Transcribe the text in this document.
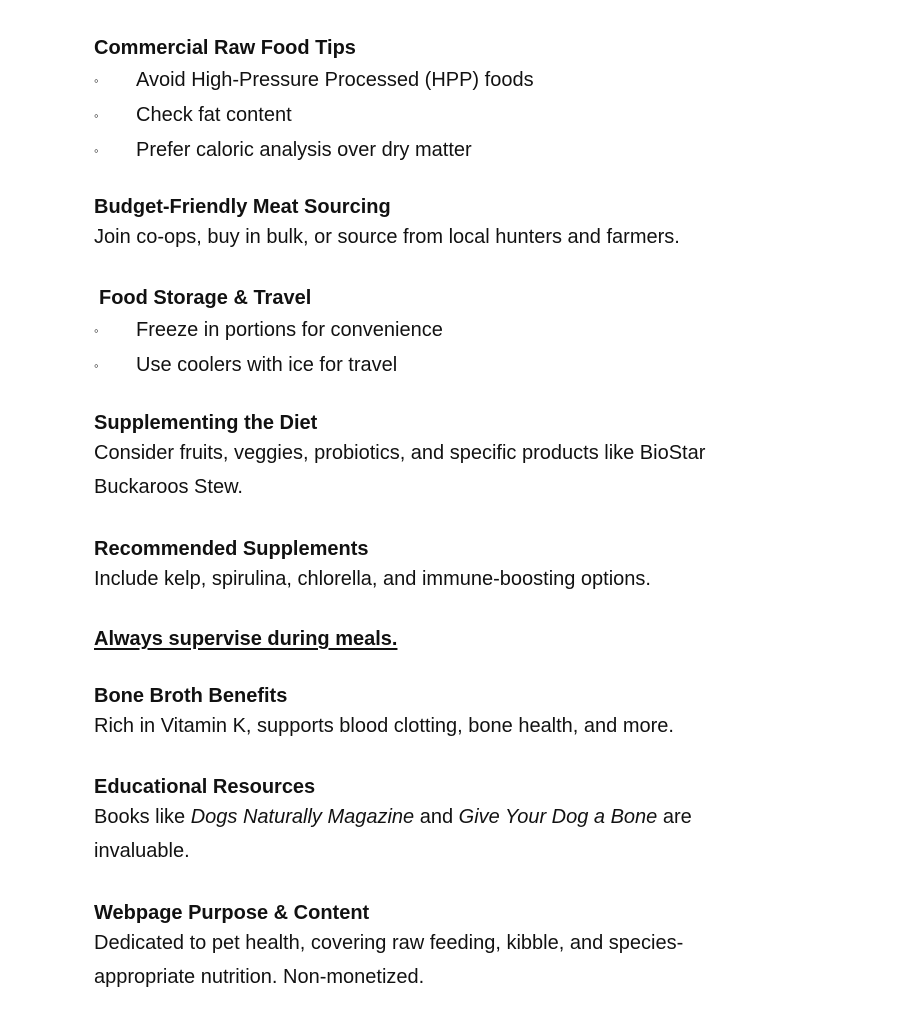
Commercial Raw Food Tips

◦ Avoid High-Pressure Processed (HPP) foods
◦ Check fat content
◦ Prefer caloric analysis over dry matter

Budget-Friendly Meat Sourcing

Join co-ops, buy in bulk, or source from local hunters and farmers.

Food Storage & Travel

◦ Freeze in portions for convenience
◦ Use coolers with ice for travel

Supplementing the Diet

Consider fruits, veggies, probiotics, and specific products like BioStar

Buckaroos Stew.

Recommended Supplements

Include kelp, spirulina, chlorella, and immune-boosting options.

Always supervise during meals.

Bone Broth Benefits

Rich in Vitamin K, supports blood clotting, bone health, and more.

Educational Resources

Books like Dogs Naturally Magazine and Give Your Dog a Bone are

invaluable.

Webpage Purpose & Content

Dedicated to pet health, covering raw feeding, kibble, and species-

appropriate nutrition. Non-monetized.
